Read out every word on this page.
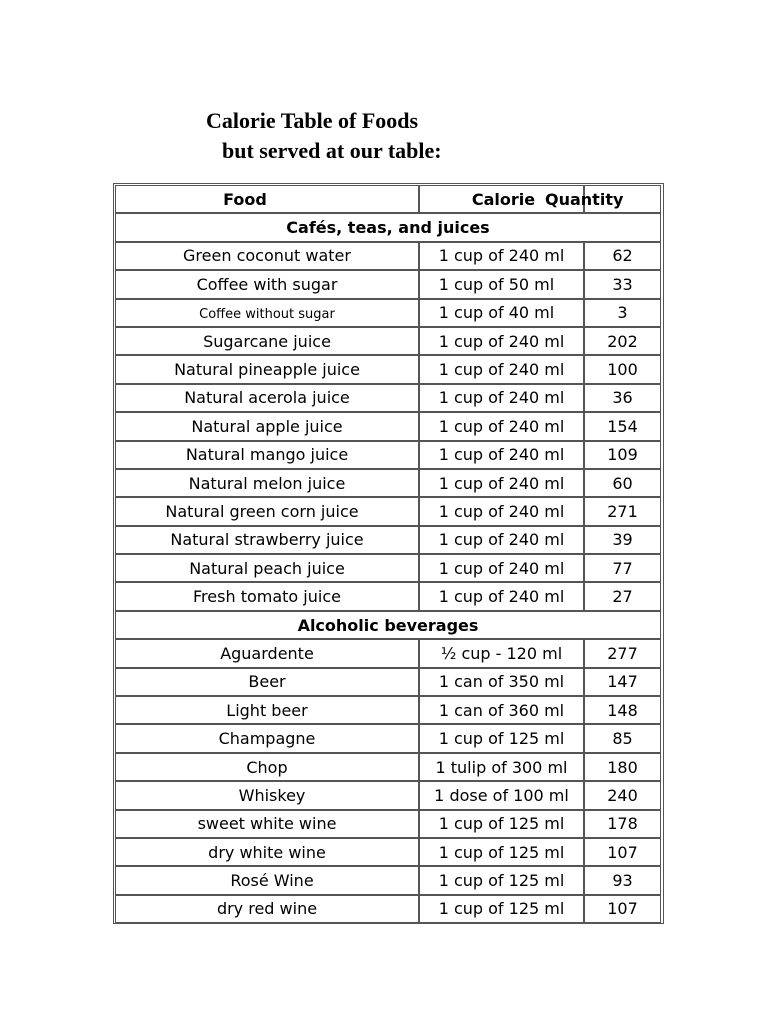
Calorie Table of Foods
but served at our table:
Food	Calorie	Quantity
Cafés, teas, and juices		
Green coconut water	1 cup of 240 ml	62
Coffee with sugar	1 cup of 50 ml	33
Coffee without sugar	1 cup of 40 ml	3
Sugarcane juice	1 cup of 240 ml	202
Natural pineapple juice	1 cup of 240 ml	100
Natural acerola juice	1 cup of 240 ml	36
Natural apple juice	1 cup of 240 ml	154
Natural mango juice	1 cup of 240 ml	109
Natural melon juice	1 cup of 240 ml	60
Natural green corn juice	1 cup of 240 ml	271
Natural strawberry juice	1 cup of 240 ml	39
Natural peach juice	1 cup of 240 ml	77
Fresh tomato juice	1 cup of 240 ml	27
Alcoholic beverages		
Aguardente	½ cup - 120 ml	277
Beer	1 can of 350 ml	147
Light beer	1 can of 360 ml	148
Champagne	1 cup of 125 ml	85
Chop	1 tulip of 300 ml	180
Whiskey	1 dose of 100 ml	240
sweet white wine	1 cup of 125 ml	178
dry white wine	1 cup of 125 ml	107
Rosé Wine	1 cup of 125 ml	93
dry red wine	1 cup of 125 ml	107
